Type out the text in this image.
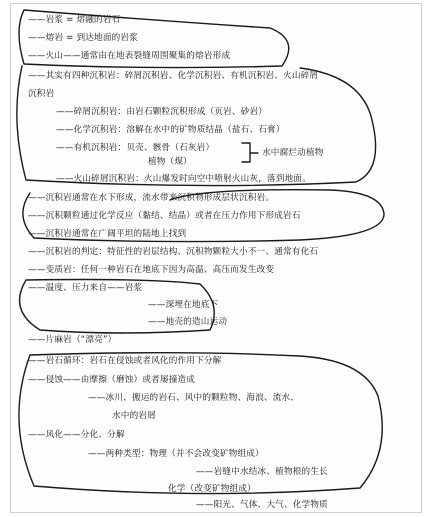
——岩浆 = 熔融的岩石
——熔岩 = 到达地面的岩浆
——火山——通常由在地表裂缝周围聚集的熔岩形成
——其实有四种沉积岩：碎屑沉积岩、化学沉积岩、有机沉积岩、火山碎屑
沉积岩
——碎屑沉积岩：由岩石颗粒沉积形成（页岩、砂岩）
——化学沉积岩：溶解在水中的矿物质结晶（盐石、石膏）
——有机沉积岩：贝壳、骸骨（石灰岩）
植物（煤）
水中腐烂动植物
——火山碎屑沉积岩：火山爆发时向空中喷射火山灰，落到地面。
——沉积岩通常在水下形成，流水带来沉积物形成层状沉积岩。
——沉积颗粒通过化学反应（黏结、结晶）或者在压力作用下形成岩石
——沉积岩通常在广阔平坦的陆地上找到
——沉积岩的判定：特征性的岩层结构、沉积物颗粒大小不一、通常有化石
——变质岩：任何一种岩石在地底下因为高温、高压而发生改变
——温度、压力来自——岩浆
——深埋在地底下
——地壳的造山运动
——片麻岩（“漂亮”）
——岩石循环：岩石在侵蚀或者风化的作用下分解
——侵蚀——由摩擦（磨蚀）或者屡撞造成
——冰川、搬运的岩石、风中的颗粒物、海浪、流水、
水中的岩屑
——风化——分化、分解
——两种类型：物理（并不会改变矿物组成）
——岩缝中水结冰、植物根的生长
化学（改变矿物组成）
——阳光、气体、大气、化学物质
